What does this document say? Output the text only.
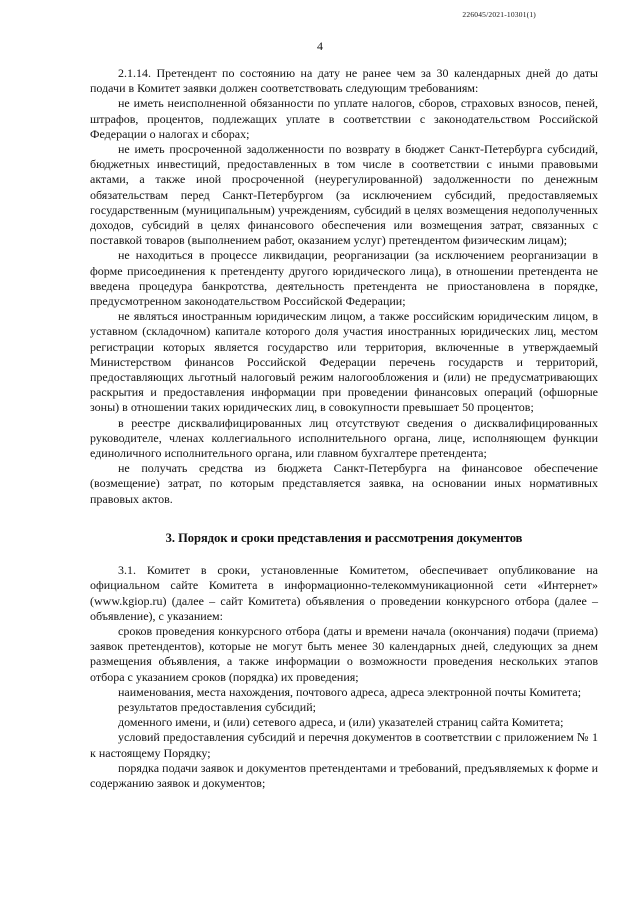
226045/2021-10301(1)
4

2.1.14. Претендент по состоянию на дату не ранее чем за 30 календарных дней до даты подачи в Комитет заявки должен соответствовать следующим требованиям:

не иметь неисполненной обязанности по уплате налогов, сборов, страховых взносов, пеней, штрафов, процентов, подлежащих уплате в соответствии с законодательством Российской Федерации о налогах и сборах;

не иметь просроченной задолженности по возврату в бюджет Санкт-Петербурга субсидий, бюджетных инвестиций, предоставленных в том числе в соответствии с иными правовыми актами, а также иной просроченной (неурегулированной) задолженности по денежным обязательствам перед Санкт-Петербургом (за исключением субсидий, предоставляемых государственным (муниципальным) учреждениям, субсидий в целях возмещения недополученных доходов, субсидий в целях финансового обеспечения или возмещения затрат, связанных с поставкой товаров (выполнением работ, оказанием услуг) претендентом физическим лицам);

не находиться в процессе ликвидации, реорганизации (за исключением реорганизации в форме присоединения к претенденту другого юридического лица), в отношении претендента не введена процедура банкротства, деятельность претендента не приостановлена в порядке, предусмотренном законодательством Российской Федерации;

не являться иностранным юридическим лицом, а также российским юридическим лицом, в уставном (складочном) капитале которого доля участия иностранных юридических лиц, местом регистрации которых является государство или территория, включенные в утверждаемый Министерством финансов Российской Федерации перечень государств и территорий, предоставляющих льготный налоговый режим налогообложения и (или) не предусматривающих раскрытия и предоставления информации при проведении финансовых операций (офшорные зоны) в отношении таких юридических лиц, в совокупности превышает 50 процентов;

в реестре дисквалифицированных лиц отсутствуют сведения о дисквалифицированных руководителе, членах коллегиального исполнительного органа, лице, исполняющем функции единоличного исполнительного органа, или главном бухгалтере претендента;

не получать средства из бюджета Санкт-Петербурга на финансовое обеспечение (возмещение) затрат, по которым представляется заявка, на основании иных нормативных правовых актов.

3. Порядок и сроки представления и рассмотрения документов

3.1. Комитет в сроки, установленные Комитетом, обеспечивает опубликование на официальном сайте Комитета в информационно-телекоммуникационной сети «Интернет» (www.kgiop.ru) (далее – сайт Комитета) объявления о проведении конкурсного отбора (далее – объявление), с указанием:

сроков проведения конкурсного отбора (даты и времени начала (окончания) подачи (приема) заявок претендентов), которые не могут быть менее 30 календарных дней, следующих за днем размещения объявления, а также информации о возможности проведения нескольких этапов отбора с указанием сроков (порядка) их проведения;

наименования, места нахождения, почтового адреса, адреса электронной почты Комитета;

результатов предоставления субсидий;

доменного имени, и (или) сетевого адреса, и (или) указателей страниц сайта Комитета;

условий предоставления субсидий и перечня документов в соответствии с приложением № 1 к настоящему Порядку;

порядка подачи заявок и документов претендентами и требований, предъявляемых к форме и содержанию заявок и документов;
